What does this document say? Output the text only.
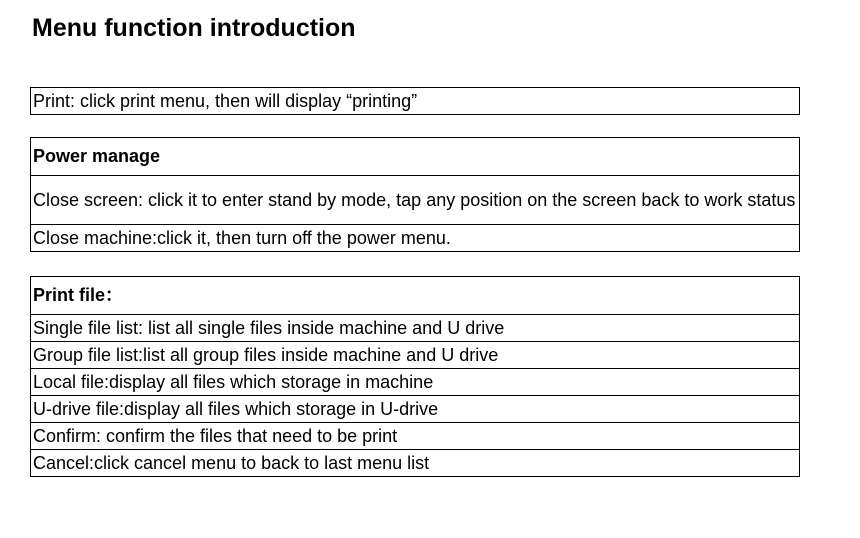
Menu function introduction
Print: click print menu, then will display “printing”
Power manage
Close screen: click it to enter stand by mode, tap any position on the screen back to work status
Close machine:click it, then turn off the power menu.
Print file：
Single file list: list all single files inside machine and U drive
Group file list:list all group files inside machine and U drive
Local file:display all files which storage in machine
U-drive file:display all files which storage in U-drive
Confirm: confirm the files that need to be print
Cancel:click cancel menu to back to last menu list
